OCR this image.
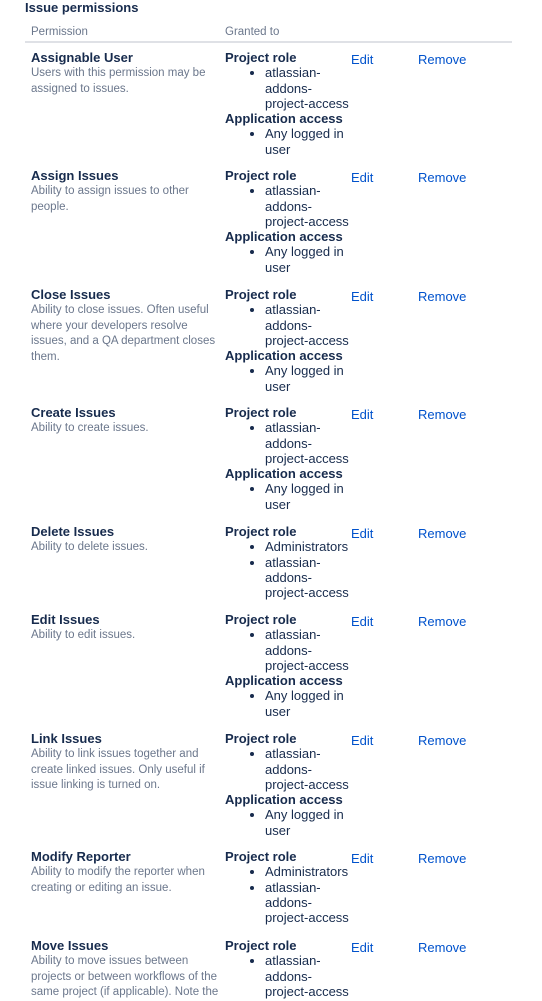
Issue permissions
Permission	Granted to
Assignable User
Users with this permission may be assigned to issues.
Project role
atlassian-addons-project-access
Application access
Any logged in user
Edit	Remove
Assign Issues
Ability to assign issues to other people.
Project role
atlassian-addons-project-access
Application access
Any logged in user
Edit	Remove
Close Issues
Ability to close issues. Often useful where your developers resolve issues, and a QA department closes them.
Project role
atlassian-addons-project-access
Application access
Any logged in user
Edit	Remove
Create Issues
Ability to create issues.
Project role
atlassian-addons-project-access
Application access
Any logged in user
Edit	Remove
Delete Issues
Ability to delete issues.
Project role
Administrators
atlassian-addons-project-access
Edit	Remove
Edit Issues
Ability to edit issues.
Project role
atlassian-addons-project-access
Application access
Any logged in user
Edit	Remove
Link Issues
Ability to link issues together and create linked issues. Only useful if issue linking is turned on.
Project role
atlassian-addons-project-access
Application access
Any logged in user
Edit	Remove
Modify Reporter
Ability to modify the reporter when creating or editing an issue.
Project role
Administrators
atlassian-addons-project-access
Edit	Remove
Move Issues
Ability to move issues between projects or between workflows of the same project (if applicable). Note the
Project role
atlassian-addons-project-access
Edit	Remove
